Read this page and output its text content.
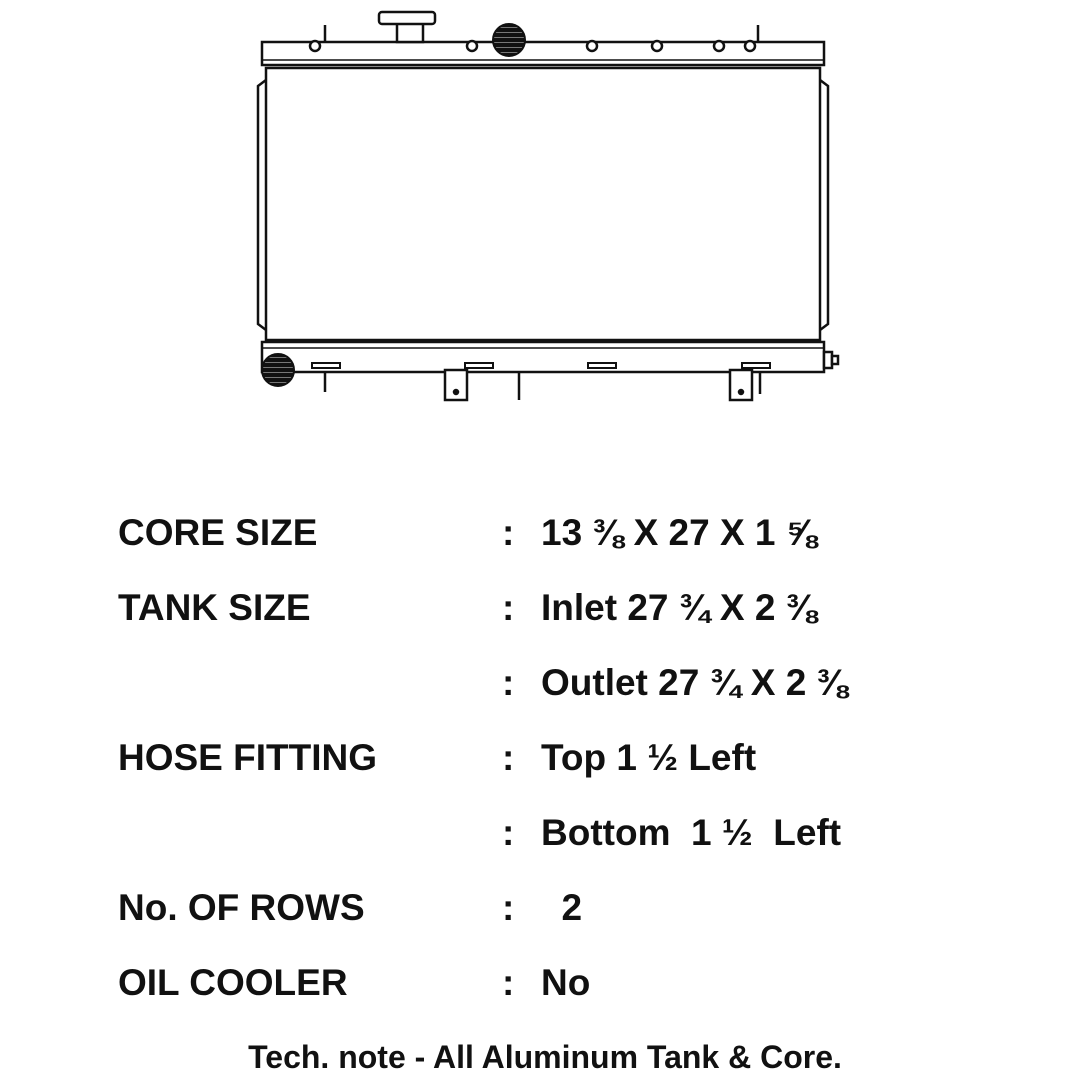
CORE SIZE	: 13 ⅜ X 27 X 1 ⅝
TANK SIZE	: Inlet 27 ¾ X 2 ⅜
: Outlet 27 ¾ X 2 ⅜
HOSE FITTING	: Top 1 ½ Left
: Bottom  1 ½  Left
No. OF ROWS	: 2
OIL COOLER	: No
Tech. note - All Aluminum Tank & Core.
